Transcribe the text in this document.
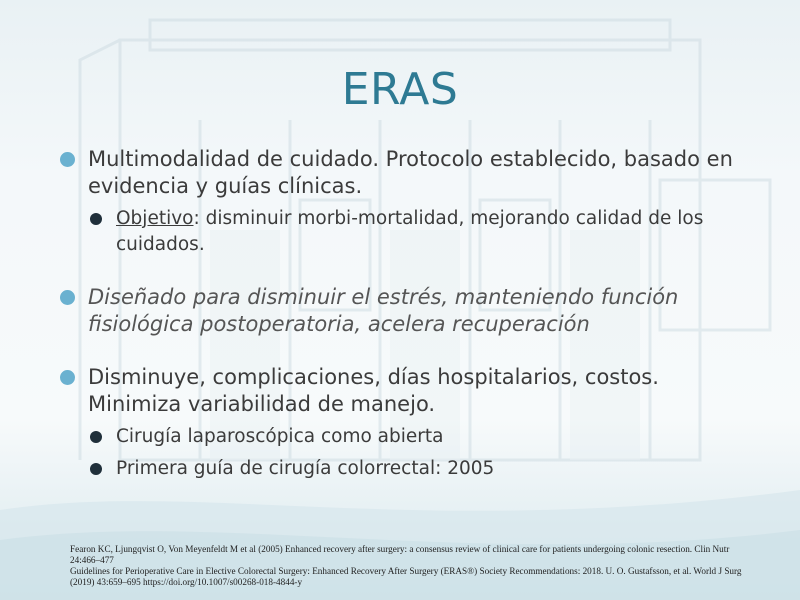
ERAS
Multimodalidad de cuidado. Protocolo establecido, basado en evidencia y guías clínicas.
Objetivo: disminuir morbi-mortalidad, mejorando calidad de los cuidados.
Diseñado para disminuir el estrés, manteniendo función fisiológica postoperatoria, acelera recuperación
Disminuye, complicaciones, días hospitalarios, costos. Minimiza variabilidad de manejo.
Cirugía laparoscópica como abierta
Primera guía de cirugía colorrectal: 2005
Fearon KC, Ljungqvist O, Von Meyenfeldt M et al (2005) Enhanced recovery after surgery: a consensus review of clinical care for patients undergoing colonic resection. Clin Nutr 24:466–477
Guidelines for Perioperative Care in Elective Colorectal Surgery: Enhanced Recovery After Surgery (ERAS®) Society Recommendations: 2018. U. O. Gustafsson, et al. World J Surg (2019) 43:659–695 https://doi.org/10.1007/s00268-018-4844-y
